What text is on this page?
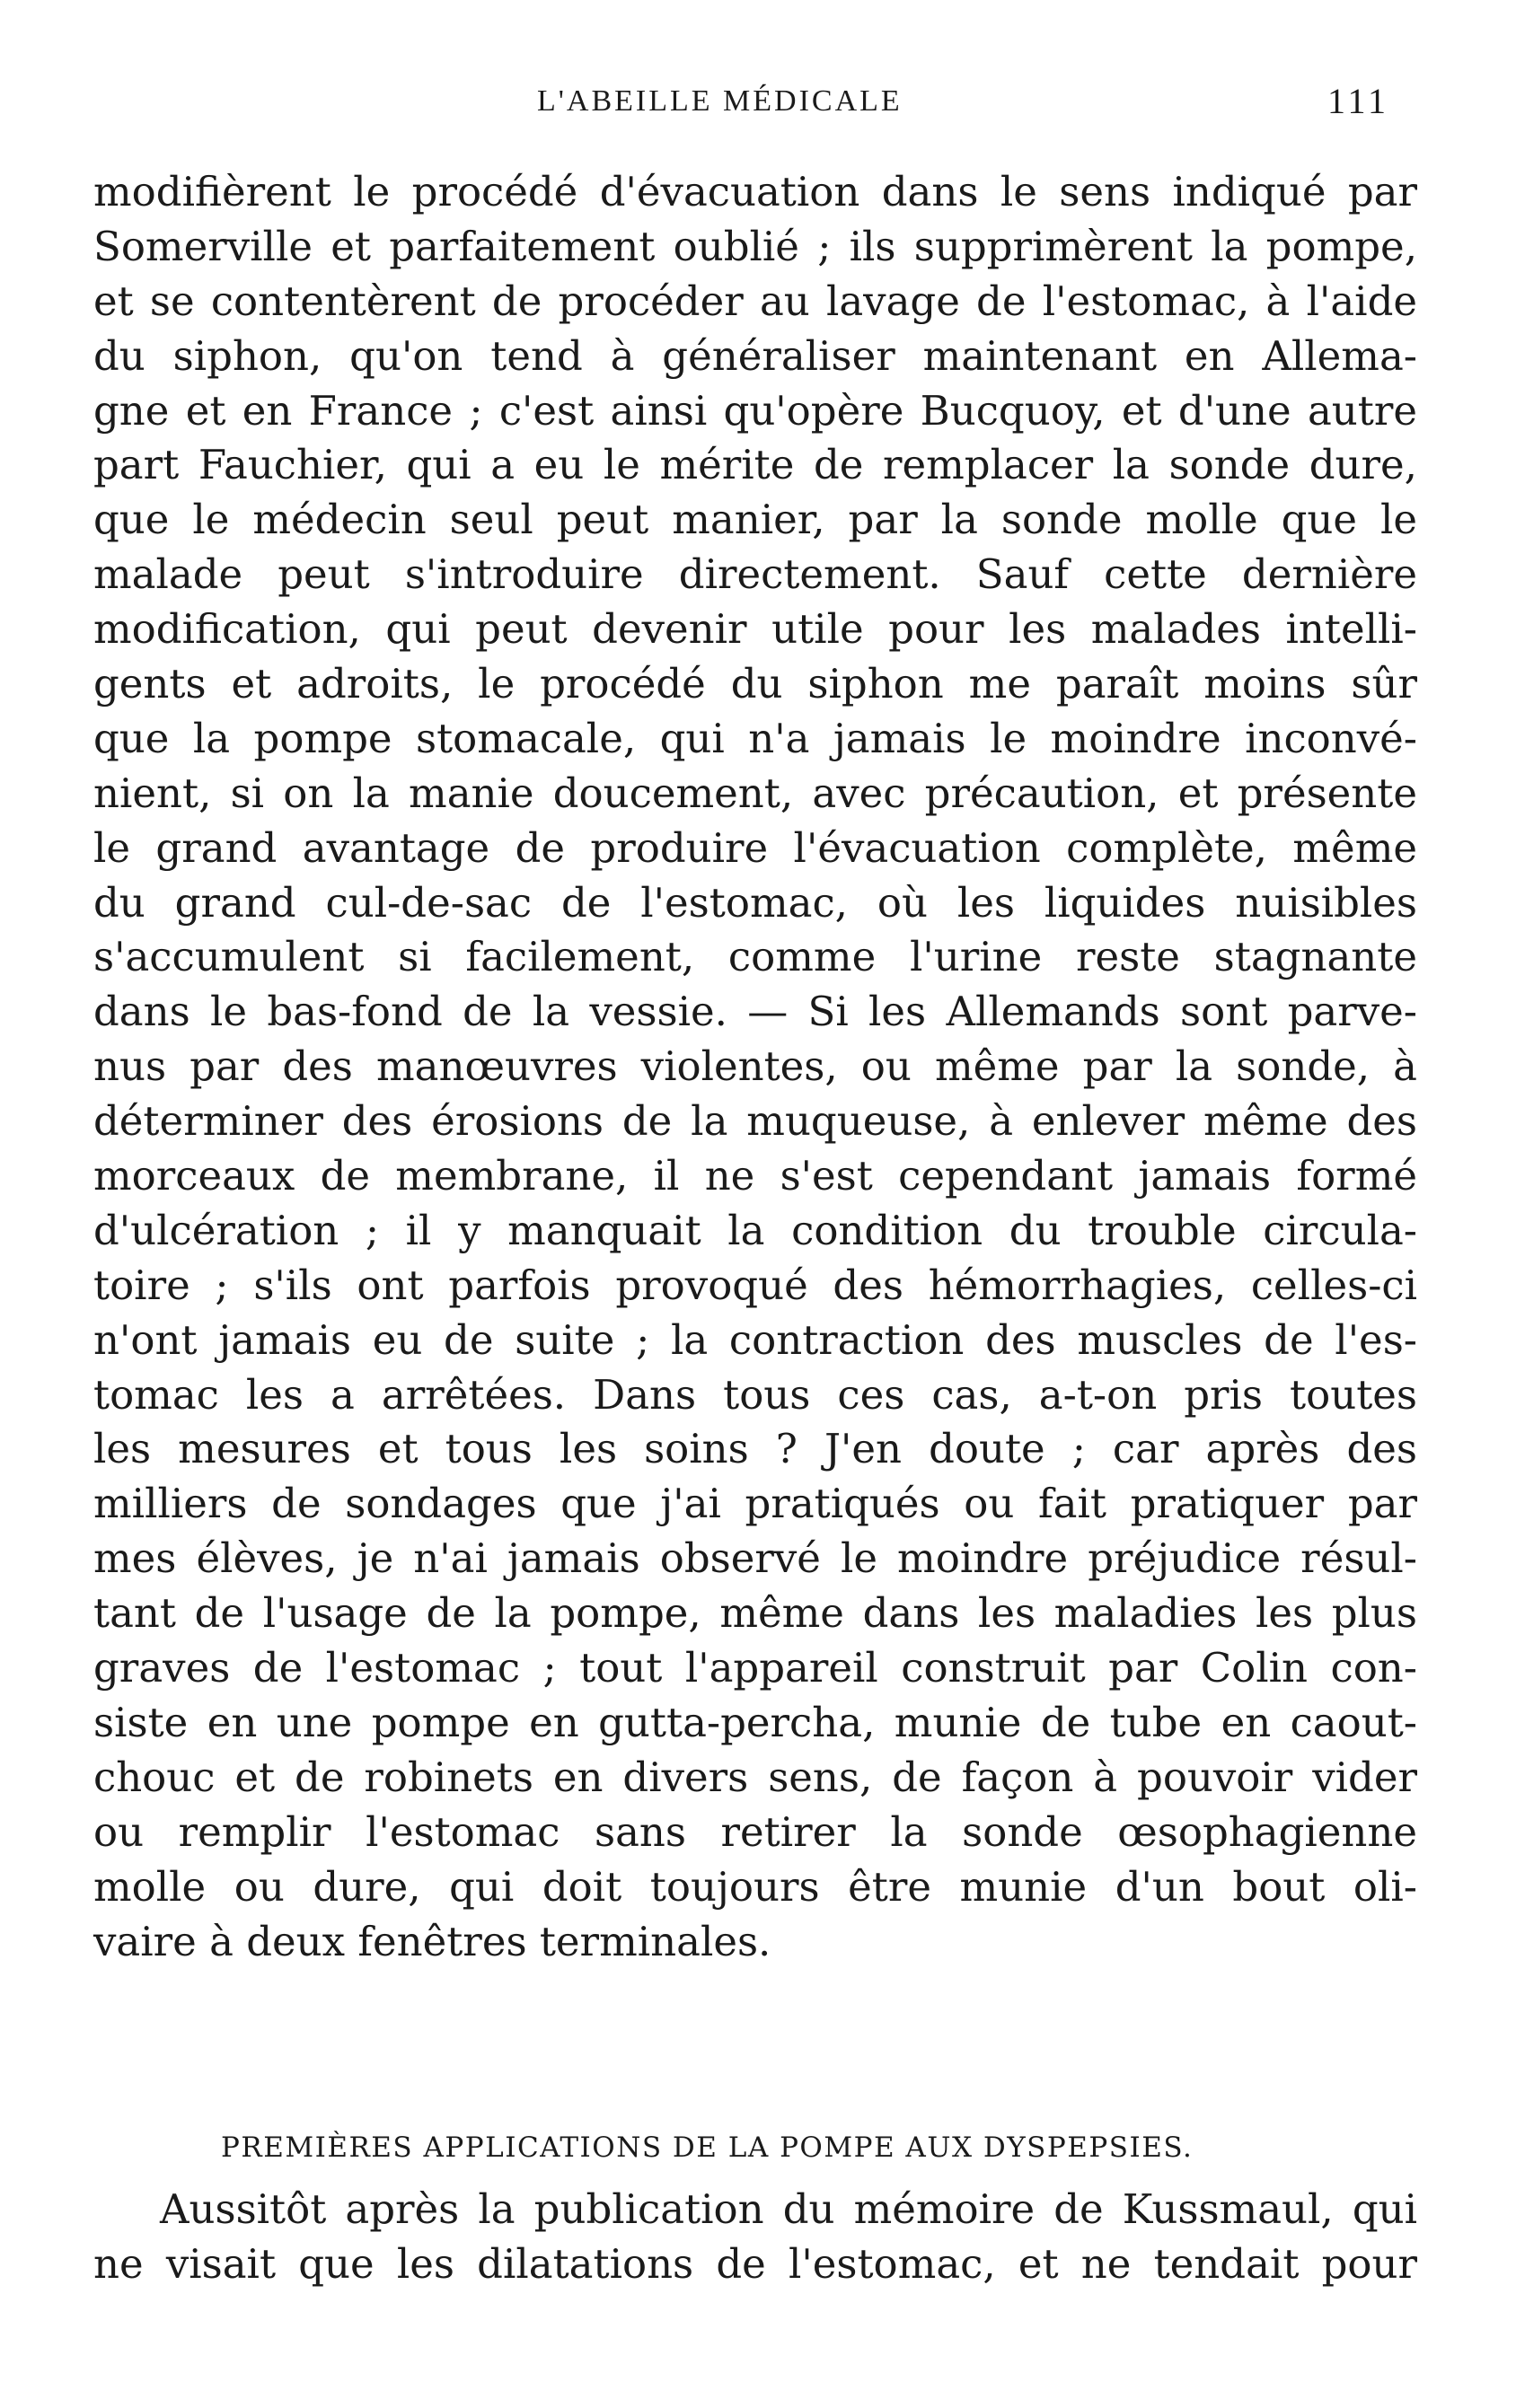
L'ABEILLE MÉDICALE	111
modifièrent le procédé d'évacuation dans le sens indiqué par
Somerville et parfaitement oublié ; ils supprimèrent la pompe,
et se contentèrent de procéder au lavage de l'estomac, à l'aide
du siphon, qu'on tend à généraliser maintenant en Allema-
gne et en France ; c'est ainsi qu'opère Bucquoy, et d'une autre
part Fauchier, qui a eu le mérite de remplacer la sonde dure,
que le médecin seul peut manier, par la sonde molle que le
malade peut s'introduire directement. Sauf cette dernière
modification, qui peut devenir utile pour les malades intelli-
gents et adroits, le procédé du siphon me paraît moins sûr
que la pompe stomacale, qui n'a jamais le moindre inconvé-
nient, si on la manie doucement, avec précaution, et présente
le grand avantage de produire l'évacuation complète, même
du grand cul-de-sac de l'estomac, où les liquides nuisibles
s'accumulent si facilement, comme l'urine reste stagnante
dans le bas-fond de la vessie. — Si les Allemands sont parve-
nus par des manœuvres violentes, ou même par la sonde, à
déterminer des érosions de la muqueuse, à enlever même des
morceaux de membrane, il ne s'est cependant jamais formé
d'ulcération ; il y manquait la condition du trouble circula-
toire ; s'ils ont parfois provoqué des hémorrhagies, celles-ci
n'ont jamais eu de suite ; la contraction des muscles de l'es-
tomac les a arrêtées. Dans tous ces cas, a-t-on pris toutes
les mesures et tous les soins ? J'en doute ; car après des
milliers de sondages que j'ai pratiqués ou fait pratiquer par
mes élèves, je n'ai jamais observé le moindre préjudice résul-
tant de l'usage de la pompe, même dans les maladies les plus
graves de l'estomac ; tout l'appareil construit par Colin con-
siste en une pompe en gutta-percha, munie de tube en caout-
chouc et de robinets en divers sens, de façon à pouvoir vider
ou remplir l'estomac sans retirer la sonde œsophagienne
molle ou dure, qui doit toujours être munie d'un bout oli-
vaire à deux fenêtres terminales.
PREMIÈRES APPLICATIONS DE LA POMPE AUX DYSPEPSIES.
Aussitôt après la publication du mémoire de Kussmaul, qui
ne visait que les dilatations de l'estomac, et ne tendait pour
